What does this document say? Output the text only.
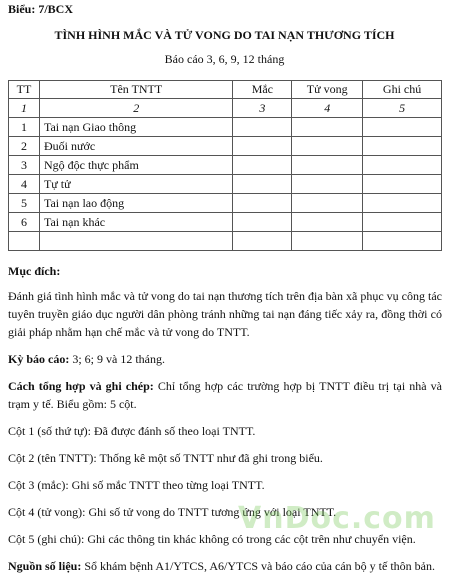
Biểu: 7/BCX
TÌNH HÌNH MẮC VÀ TỬ VONG DO TAI NẠN THƯƠNG TÍCH
Báo cáo 3, 6, 9, 12 tháng
TT	Tên TNTT	Mắc	Tử vong	Ghi chú
1	2	3	4	5
1	Tai nạn Giao thông			
2	Đuối nước			
3	Ngộ độc thực phẩm			
4	Tự tử			
5	Tai nạn lao động			
6	Tai nạn khác			

Mục đích:

Đánh giá tình hình mắc và tử vong do tai nạn thương tích trên địa bàn xã phục vụ công tác tuyên truyền giáo dục người dân phòng tránh những tai nạn đáng tiếc xảy ra, đồng thời có giải pháp nhằm hạn chế mắc và tử vong do TNTT.

Kỳ báo cáo: 3; 6; 9 và 12 tháng.

Cách tổng hợp và ghi chép: Chỉ tổng hợp các trường hợp bị TNTT điều trị tại nhà và trạm y tế. Biểu gồm: 5 cột.

Cột 1 (số thứ tự): Đã được đánh số theo loại TNTT.

Cột 2 (tên TNTT): Thống kê một số TNTT như đã ghi trong biểu.

Cột 3 (mắc): Ghi số mắc TNTT theo từng loại TNTT.

Cột 4 (tử vong): Ghi số tử vong do TNTT tương ứng với loại TNTT.

Cột 5 (ghi chú): Ghi các thông tin khác không có trong các cột trên như chuyển viện.

Nguồn số liệu: Sổ khám bệnh A1/YTCS, A6/YTCS và báo cáo của cán bộ y tế thôn bản.

VnDoc.com
